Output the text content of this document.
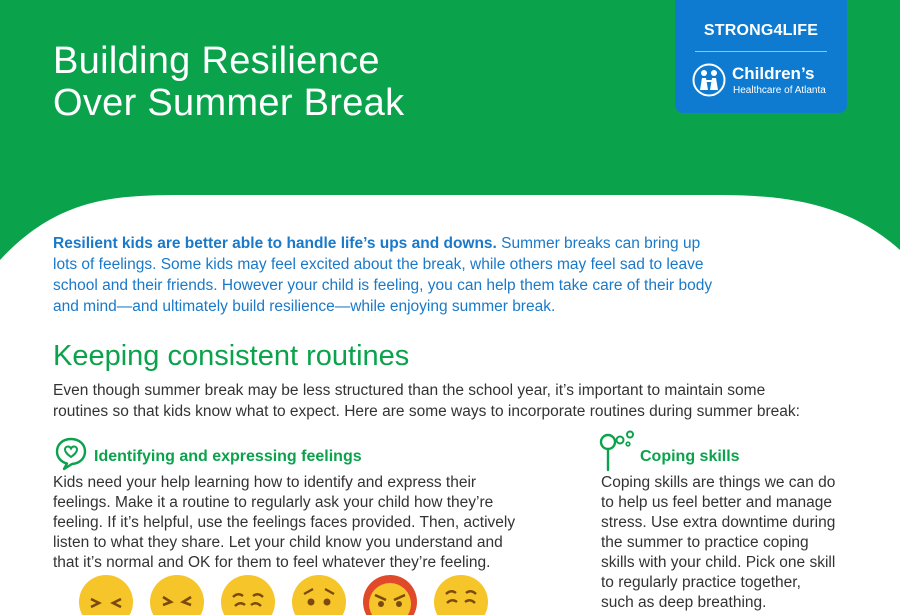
Building Resilience
Over Summer Break
STRONG4LIFE
Children’s
Healthcare of Atlanta
Resilient kids are better able to handle life’s ups and downs. Summer breaks can bring up
lots of feelings. Some kids may feel excited about the break, while others may feel sad to leave
school and their friends. However your child is feeling, you can help them take care of their body
and mind—and ultimately build resilience—while enjoying summer break.
Keeping consistent routines
Even though summer break may be less structured than the school year, it’s important to maintain some
routines so that kids know what to expect. Here are some ways to incorporate routines during summer break:
Identifying and expressing feelings	Coping skills
Kids need your help learning how to identify and express their
feelings. Make it a routine to regularly ask your child how they’re
feeling. If it’s helpful, use the feelings faces provided. Then, actively
listen to what they share. Let your child know you understand and
that it’s normal and OK for them to feel whatever they’re feeling.
Coping skills are things we can do
to help us feel better and manage
stress. Use extra downtime during
the summer to practice coping
skills with your child. Pick one skill
to regularly practice together,
such as deep breathing.
